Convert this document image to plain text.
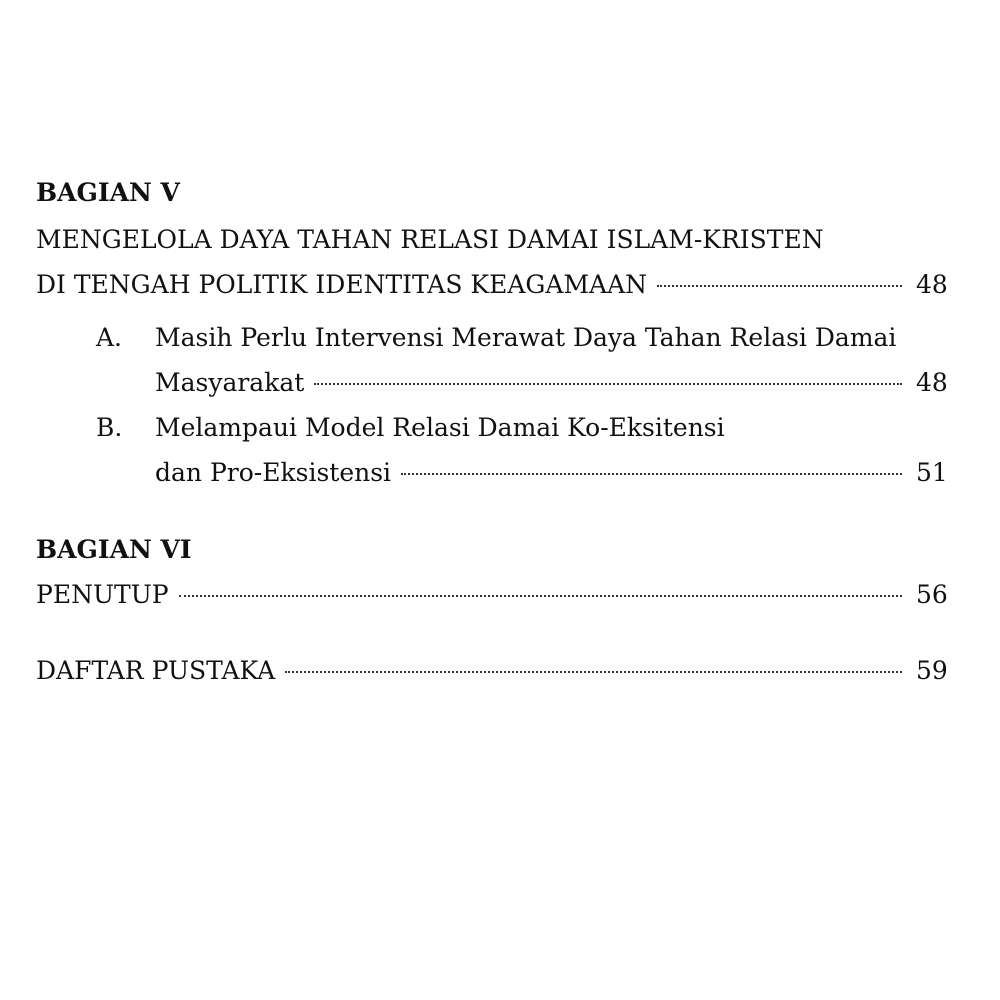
BAGIAN V
MENGELOLA DAYA TAHAN RELASI DAMAI ISLAM-KRISTEN
DI TENGAH POLITIK IDENTITAS KEAGAMAAN	48
A. Masih Perlu Intervensi Merawat Daya Tahan Relasi Damai
Masyarakat	48
B. Melampaui Model Relasi Damai Ko-Eksitensi
dan Pro-Eksistensi	51
BAGIAN VI
PENUTUP	56
DAFTAR PUSTAKA	59
